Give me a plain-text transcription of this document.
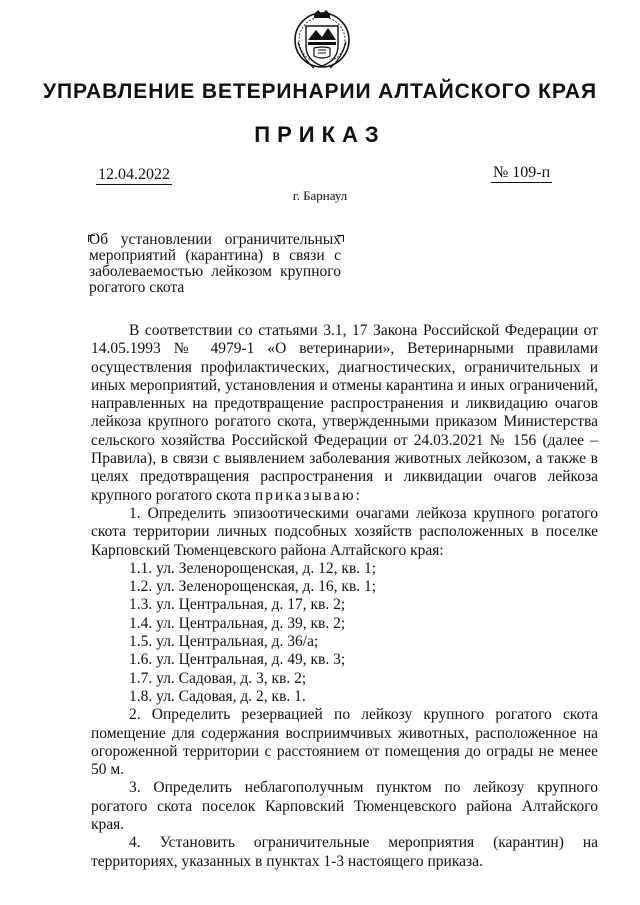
УПРАВЛЕНИЕ ВЕТЕРИНАРИИ АЛТАЙСКОГО КРАЯ
ПРИКАЗ
12.04.2022	№ 109-п
г. Барнаул
Об установлении ограничительных мероприятий (карантина) в связи с заболеваемостью лейкозом крупного рогатого скота

В соответствии со статьями 3.1, 17 Закона Российской Федерации от 14.05.1993 № 4979-1 «О ветеринарии», Ветеринарными правилами осуществления профилактических, диагностических, ограничительных и иных мероприятий, установления и отмены карантина и иных ограничений, направленных на предотвращение распространения и ликвидацию очагов лейкоза крупного рогатого скота, утвержденными приказом Министерства сельского хозяйства Российской Федерации от 24.03.2021 № 156 (далее – Правила), в связи с выявлением заболевания животных лейкозом, а также в целях предотвращения распространения и ликвидации очагов лейкоза крупного рогатого скота приказываю:

1. Определить эпизоотическими очагами лейкоза крупного рогатого скота территории личных подсобных хозяйств расположенных в поселке Карповский Тюменцевского района Алтайского края:

1.1. ул. Зеленорощенская, д. 12, кв. 1;

1.2. ул. Зеленорощенская, д. 16, кв. 1;

1.3. ул. Центральная, д. 17, кв. 2;

1.4. ул. Центральная, д. 39, кв. 2;

1.5. ул. Центральная, д. 36/а;

1.6. ул. Центральная, д. 49, кв. 3;

1.7. ул. Садовая, д. 3, кв. 2;

1.8. ул. Садовая, д. 2, кв. 1.

2. Определить резервацией по лейкозу крупного рогатого скота помещение для содержания восприимчивых животных, расположенное на огороженной территории с расстоянием от помещения до ограды не менее 50 м.

3. Определить неблагополучным пунктом по лейкозу крупного рогатого скота поселок Карповский Тюменцевского района Алтайского края.

4. Установить ограничительные мероприятия (карантин) на территориях, указанных в пунктах 1-3 настоящего приказа.
